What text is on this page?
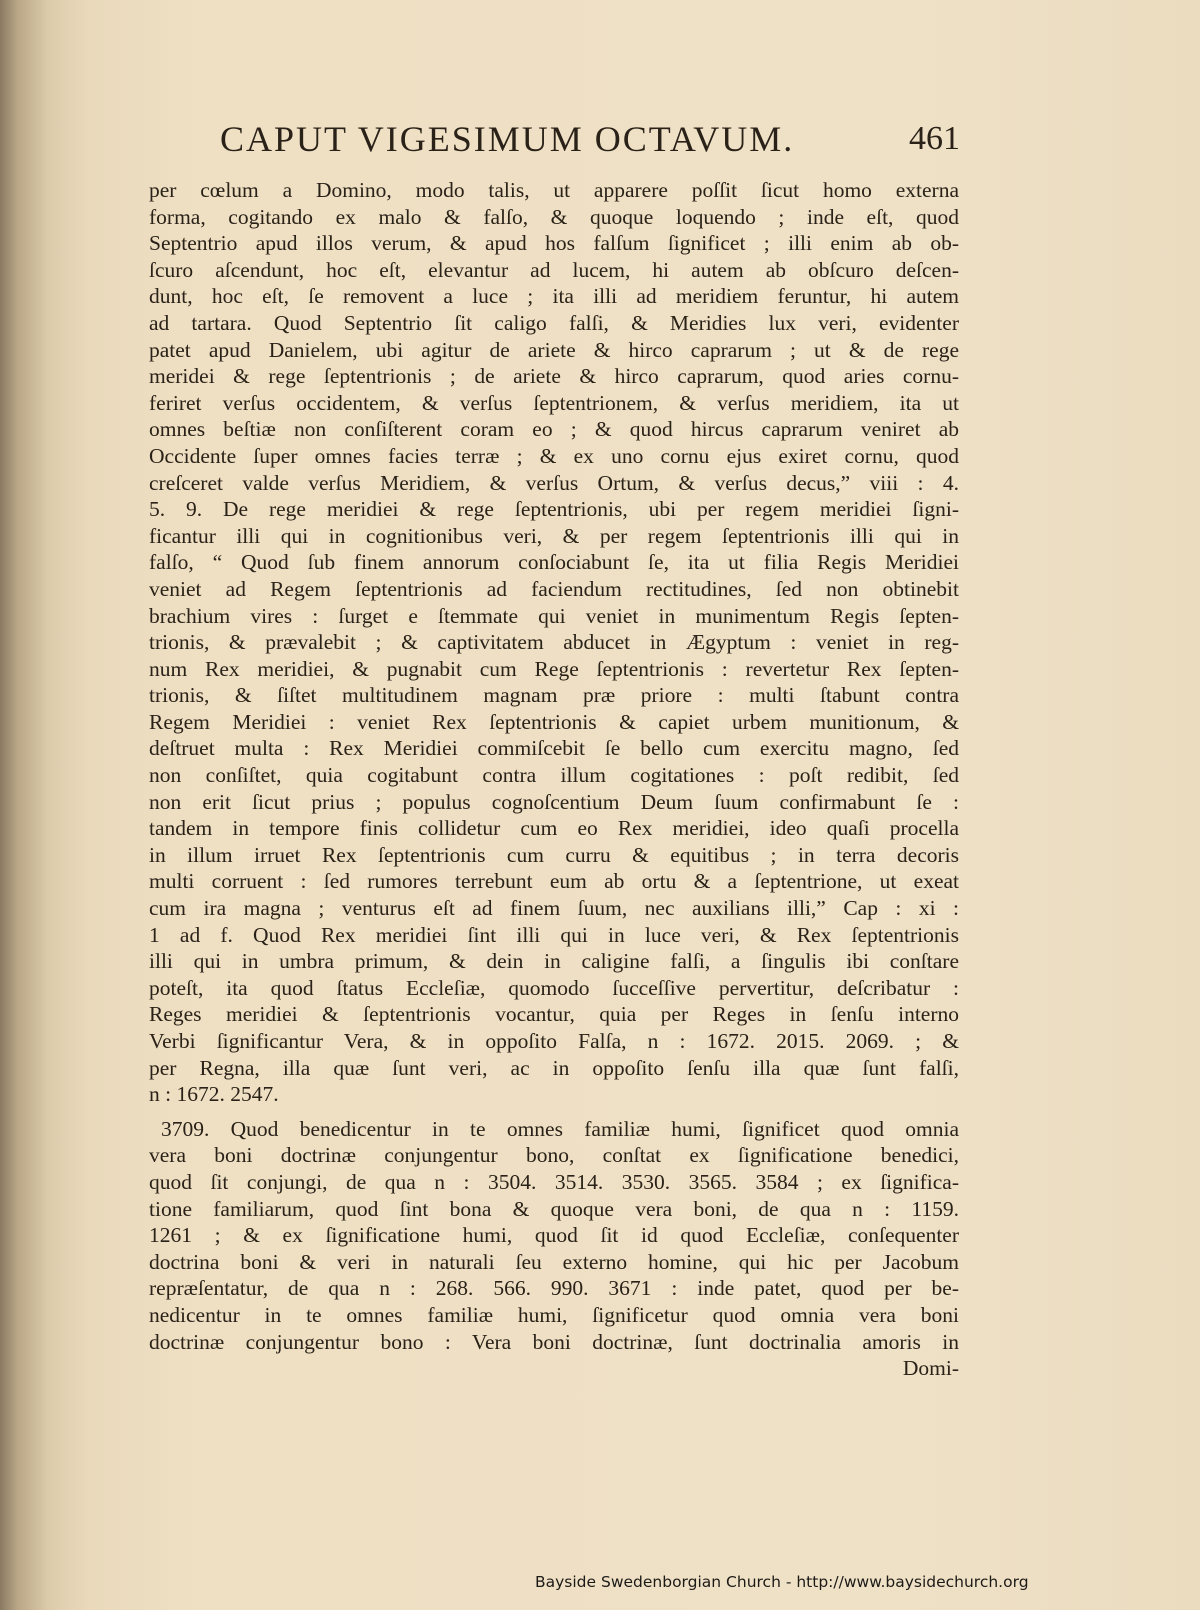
CAPUT VIGESIMUM OCTAVUM.	461
per cœlum a Domino, modo talis, ut apparere poſſit ſicut homo externa
forma, cogitando ex malo & falſo, & quoque loquendo ; inde eſt, quod
Septentrio apud illos verum, & apud hos falſum ſignificet ; illi enim ab ob-
ſcuro aſcendunt, hoc eſt, elevantur ad lucem, hi autem ab obſcuro deſcen-
dunt, hoc eſt, ſe removent a luce ; ita illi ad meridiem feruntur, hi autem
ad tartara. Quod Septentrio ſit caligo falſi, & Meridies lux veri, evidenter
patet apud Danielem, ubi agitur de ariete & hirco caprarum ; ut & de rege
meridei & rege ſeptentrionis ; de ariete & hirco caprarum, quod aries cornu-
feriret verſus occidentem, & verſus ſeptentrionem, & verſus meridiem, ita ut
omnes beſtiæ non conſiſterent coram eo ; & quod hircus caprarum veniret ab
Occidente ſuper omnes facies terræ ; & ex uno cornu ejus exiret cornu, quod
creſceret valde verſus Meridiem, & verſus Ortum, & verſus decus,” viii : 4.
5. 9. De rege meridiei & rege ſeptentrionis, ubi per regem meridiei ſigni-
ficantur illi qui in cognitionibus veri, & per regem ſeptentrionis illi qui in
falſo, “ Quod ſub finem annorum conſociabunt ſe, ita ut filia Regis Meridiei
veniet ad Regem ſeptentrionis ad faciendum rectitudines, ſed non obtinebit
brachium vires : ſurget e ſtemmate qui veniet in munimentum Regis ſepten-
trionis, & prævalebit ; & captivitatem abducet in Ægyptum : veniet in reg-
num Rex meridiei, & pugnabit cum Rege ſeptentrionis : revertetur Rex ſepten-
trionis, & ſiſtet multitudinem magnam præ priore : multi ſtabunt contra
Regem Meridiei : veniet Rex ſeptentrionis & capiet urbem munitionum, &
deſtruet multa : Rex Meridiei commiſcebit ſe bello cum exercitu magno, ſed
non conſiſtet, quia cogitabunt contra illum cogitationes : poſt redibit, ſed
non erit ſicut prius ; populus cognoſcentium Deum ſuum confirmabunt ſe :
tandem in tempore finis collidetur cum eo Rex meridiei, ideo quaſi procella
in illum irruet Rex ſeptentrionis cum curru & equitibus ; in terra decoris
multi corruent : ſed rumores terrebunt eum ab ortu & a ſeptentrione, ut exeat
cum ira magna ; venturus eſt ad finem ſuum, nec auxilians illi,” Cap : xi :
1 ad f. Quod Rex meridiei ſint illi qui in luce veri, & Rex ſeptentrionis
illi qui in umbra primum, & dein in caligine falſi, a ſingulis ibi conſtare
poteſt, ita quod ſtatus Eccleſiæ, quomodo ſucceſſive pervertitur, deſcribatur :
Reges meridiei & ſeptentrionis vocantur, quia per Reges in ſenſu interno
Verbi ſignificantur Vera, & in oppoſito Falſa, n : 1672. 2015. 2069. ; &
per Regna, illa quæ ſunt veri, ac in oppoſito ſenſu illa quæ ſunt falſi,
n : 1672. 2547.
3709. Quod benedicentur in te omnes familiæ humi, ſignificet quod omnia
vera boni doctrinæ conjungentur bono, conſtat ex ſignificatione benedici,
quod ſit conjungi, de qua n : 3504. 3514. 3530. 3565. 3584 ; ex ſignifica-
tione familiarum, quod ſint bona & quoque vera boni, de qua n : 1159.
1261 ; & ex ſignificatione humi, quod ſit id quod Eccleſiæ, conſequenter
doctrina boni & veri in naturali ſeu externo homine, qui hic per Jacobum
repræſentatur, de qua n : 268. 566. 990. 3671 : inde patet, quod per be-
nedicentur in te omnes familiæ humi, ſignificetur quod omnia vera boni
doctrinæ conjungentur bono : Vera boni doctrinæ, ſunt doctrinalia amoris in
Domi-
Bayside Swedenborgian Church - http://www.baysidechurch.org
